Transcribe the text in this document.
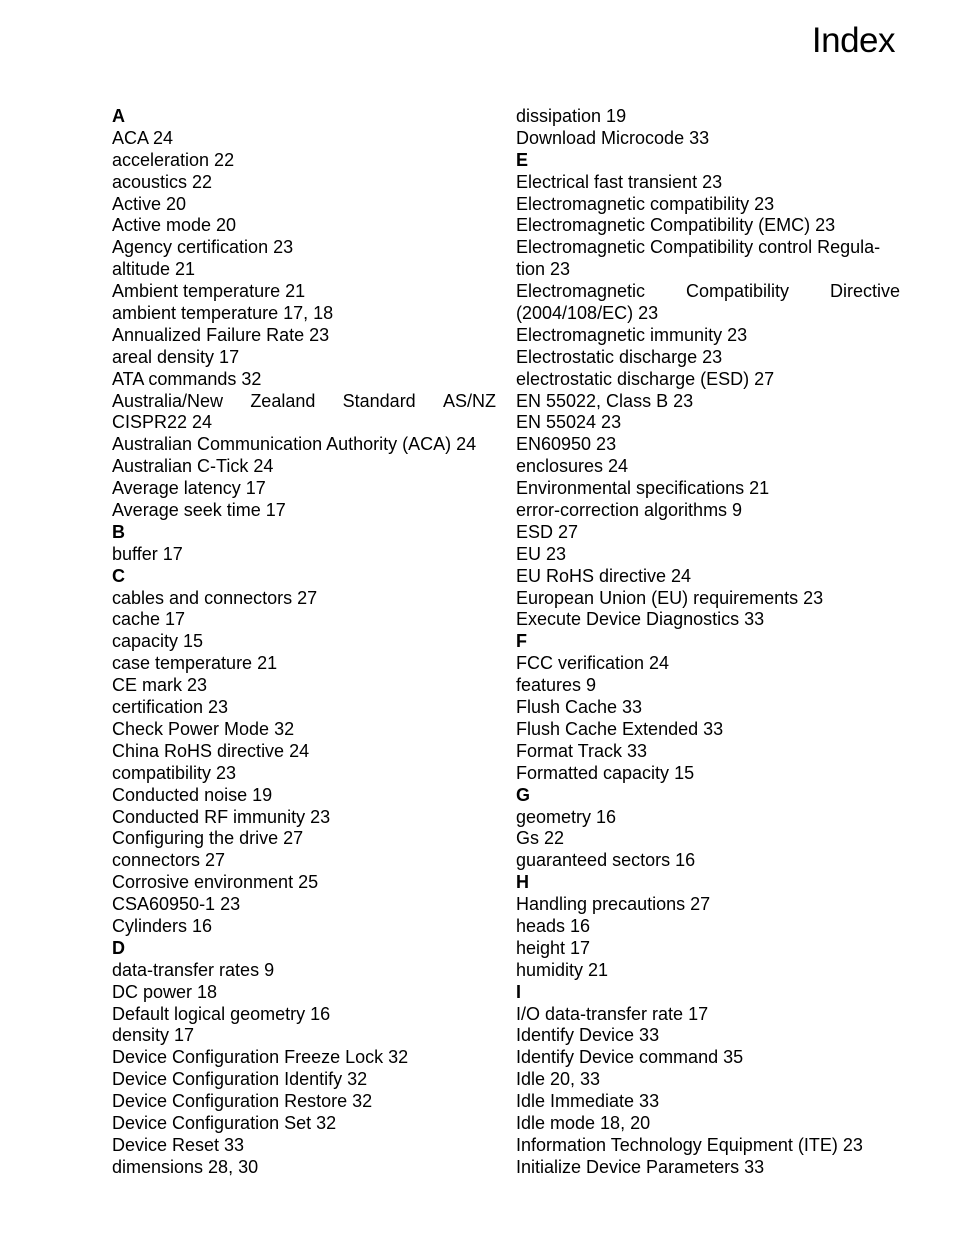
Index
A
ACA 24
acceleration 22
acoustics 22
Active 20
Active mode 20
Agency certification 23
altitude 21
Ambient temperature 21
ambient temperature 17, 18
Annualized Failure Rate 23
areal density 17
ATA commands 32
Australia/New Zealand Standard AS/NZ
CISPR22 24
Australian Communication Authority (ACA) 24
Australian C-Tick 24
Average latency 17
Average seek time 17
B
buffer 17
C
cables and connectors 27
cache 17
capacity 15
case temperature 21
CE mark 23
certification 23
Check Power Mode 32
China RoHS directive 24
compatibility 23
Conducted noise 19
Conducted RF immunity 23
Configuring the drive 27
connectors 27
Corrosive environment 25
CSA60950-1 23
Cylinders 16
D
data-transfer rates 9
DC power 18
Default logical geometry 16
density 17
Device Configuration Freeze Lock 32
Device Configuration Identify 32
Device Configuration Restore 32
Device Configuration Set 32
Device Reset 33
dimensions 28, 30
dissipation 19
Download Microcode 33
E
Electrical fast transient 23
Electromagnetic compatibility 23
Electromagnetic Compatibility (EMC) 23
Electromagnetic Compatibility control Regula-
tion 23
Electromagnetic Compatibility Directive
(2004/108/EC) 23
Electromagnetic immunity 23
Electrostatic discharge 23
electrostatic discharge (ESD) 27
EN 55022, Class B 23
EN 55024 23
EN60950 23
enclosures 24
Environmental specifications 21
error-correction algorithms 9
ESD 27
EU 23
EU RoHS directive 24
European Union (EU) requirements 23
Execute Device Diagnostics 33
F
FCC verification 24
features 9
Flush Cache 33
Flush Cache Extended 33
Format Track 33
Formatted capacity 15
G
geometry 16
Gs 22
guaranteed sectors 16
H
Handling precautions 27
heads 16
height 17
humidity 21
I
I/O data-transfer rate 17
Identify Device 33
Identify Device command 35
Idle 20, 33
Idle Immediate 33
Idle mode 18, 20
Information Technology Equipment (ITE) 23
Initialize Device Parameters 33
